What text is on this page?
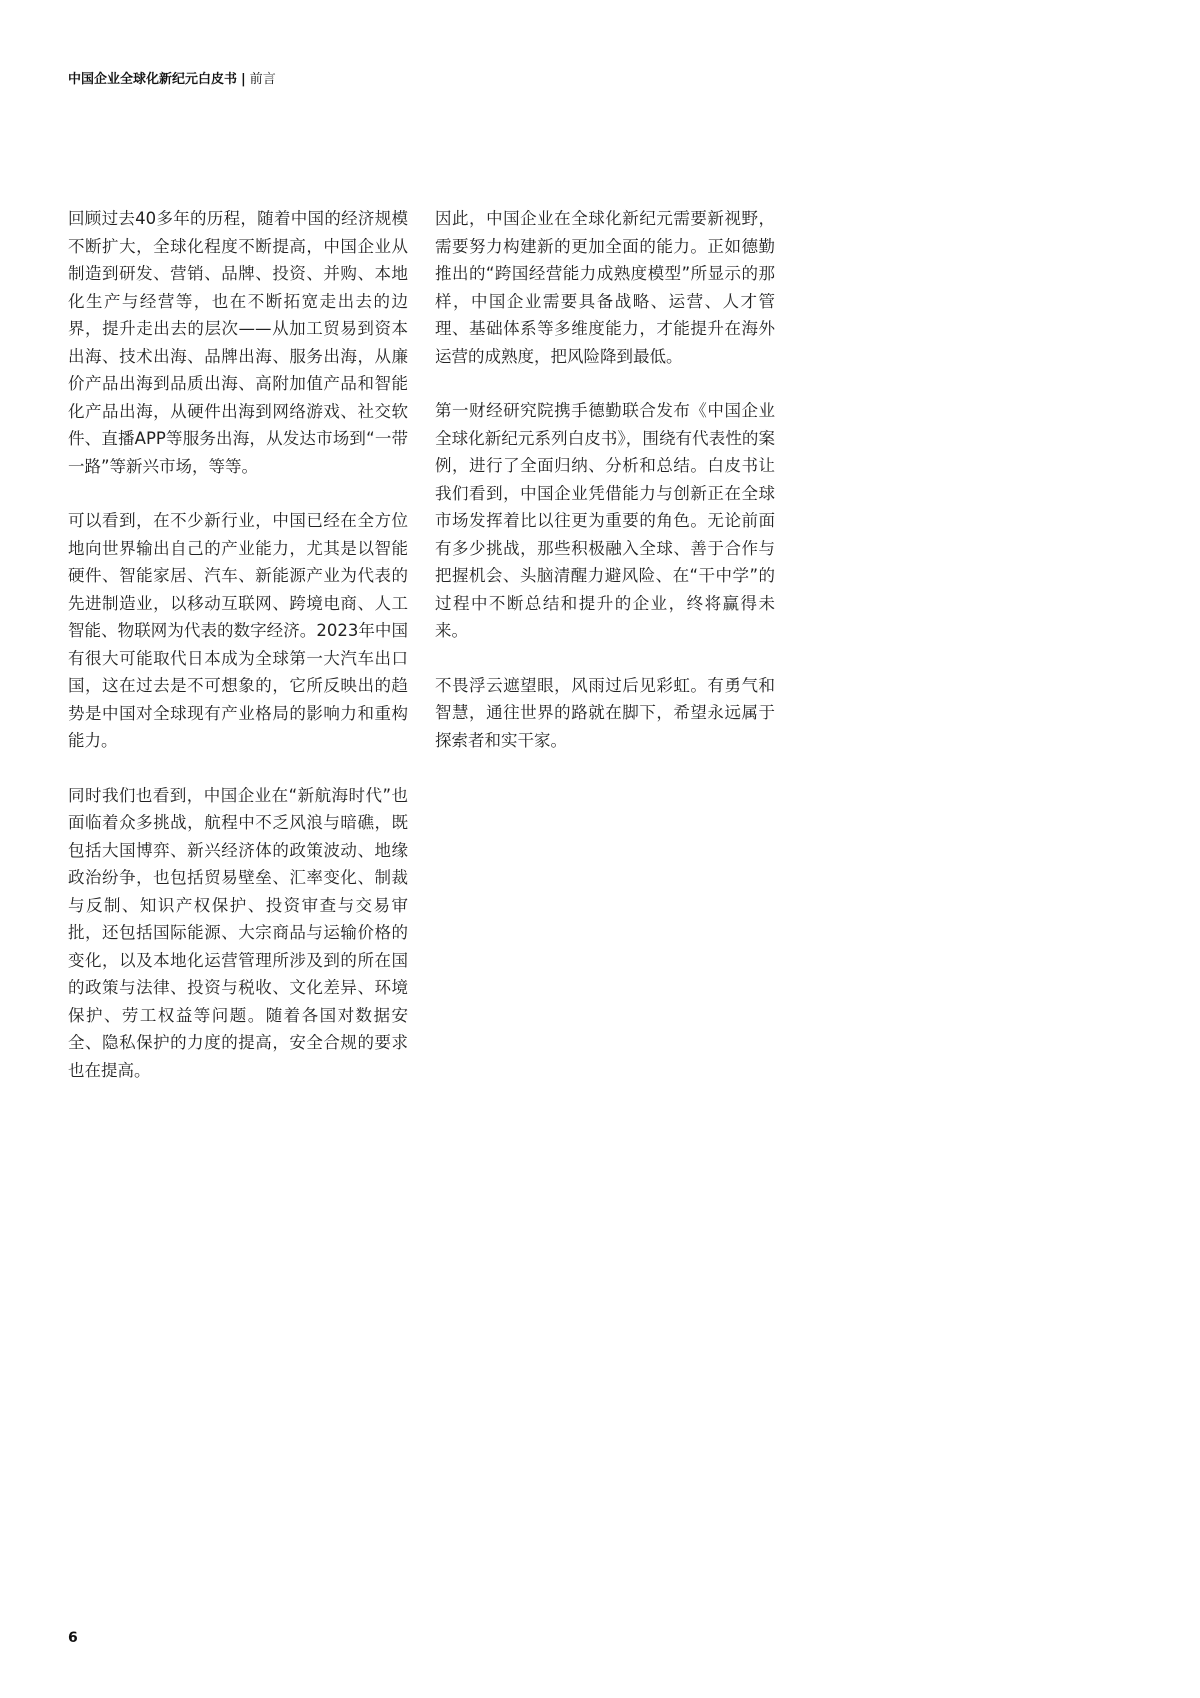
中国企业全球化新纪元白皮书 | 前言

回顾过去40多年的历程，随着中国的经济规模不断扩大，全球化程度不断提高，中国企业从制造到研发、营销、品牌、投资、并购、本地化生产与经营等，也在不断拓宽走出去的边界，提升走出去的层次——从加工贸易到资本出海、技术出海、品牌出海、服务出海，从廉价产品出海到品质出海、高附加值产品和智能化产品出海，从硬件出海到网络游戏、社交软件、直播APP等服务出海，从发达市场到“一带一路”等新兴市场，等等。

可以看到，在不少新行业，中国已经在全方位地向世界输出自己的产业能力，尤其是以智能硬件、智能家居、汽车、新能源产业为代表的先进制造业，以移动互联网、跨境电商、人工智能、物联网为代表的数字经济。2023年中国有很大可能取代日本成为全球第一大汽车出口国，这在过去是不可想象的，它所反映出的趋势是中国对全球现有产业格局的影响力和重构能力。

同时我们也看到，中国企业在“新航海时代”也面临着众多挑战，航程中不乏风浪与暗礁，既包括大国博弈、新兴经济体的政策波动、地缘政治纷争，也包括贸易壁垒、汇率变化、制裁与反制、知识产权保护、投资审查与交易审批，还包括国际能源、大宗商品与运输价格的变化，以及本地化运营管理所涉及到的所在国的政策与法律、投资与税收、文化差异、环境保护、劳工权益等问题。随着各国对数据安全、隐私保护的力度的提高，安全合规的要求也在提高。

因此，中国企业在全球化新纪元需要新视野，需要努力构建新的更加全面的能力。正如德勤推出的“跨国经营能力成熟度模型”所显示的那样，中国企业需要具备战略、运营、人才管理、基础体系等多维度能力，才能提升在海外运营的成熟度，把风险降到最低。

第一财经研究院携手德勤联合发布《中国企业全球化新纪元系列白皮书》，围绕有代表性的案例，进行了全面归纳、分析和总结。白皮书让我们看到，中国企业凭借能力与创新正在全球市场发挥着比以往更为重要的角色。无论前面有多少挑战，那些积极融入全球、善于合作与把握机会、头脑清醒力避风险、在“干中学”的过程中不断总结和提升的企业，终将赢得未来。

不畏浮云遮望眼，风雨过后见彩虹。有勇气和智慧，通往世界的路就在脚下，希望永远属于探索者和实干家。

6
